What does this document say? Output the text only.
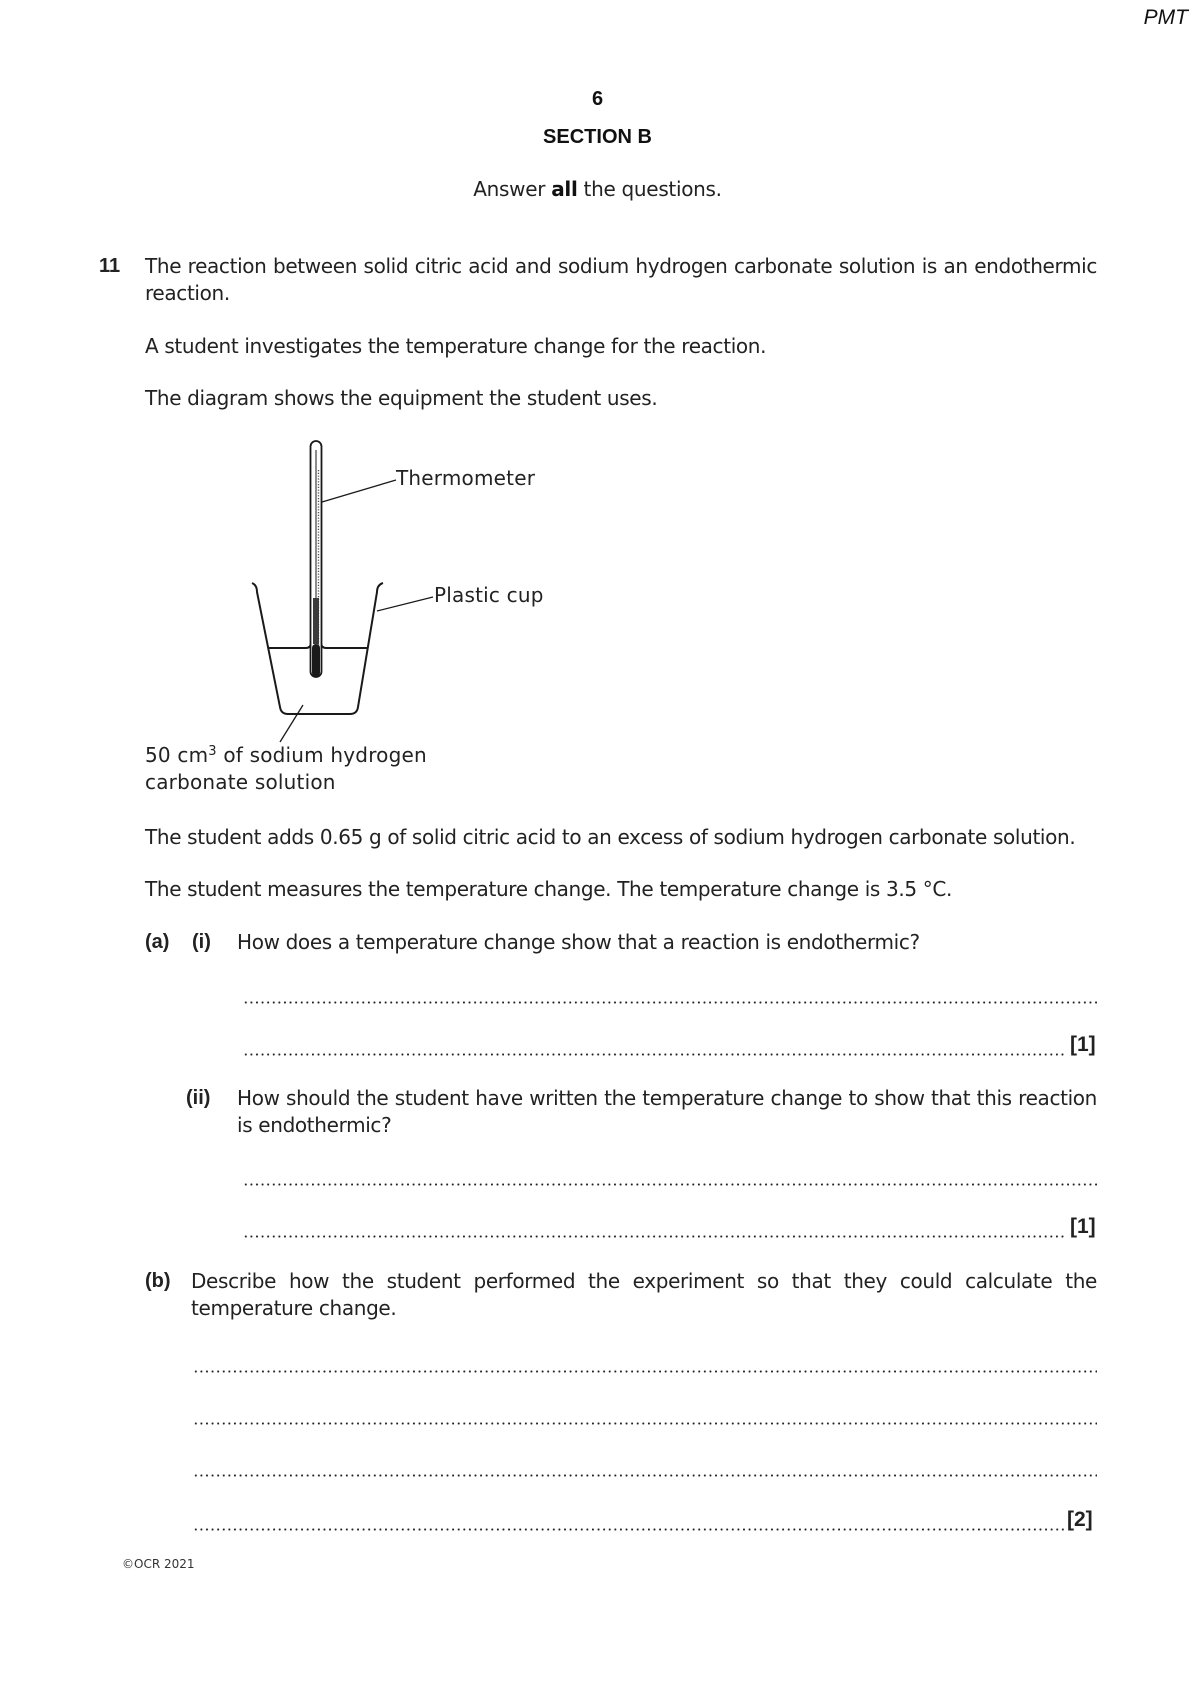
PMT
6
SECTION B
Answer all the questions.
11 The reaction between solid citric acid and sodium hydrogen carbonate solution is an endothermic reaction.
A student investigates the temperature change for the reaction.
The diagram shows the equipment the student uses.
Thermometer
Plastic cup
50 $cm^3$ of sodium hydrogen
carbonate solution
The student adds 0.65 g of solid citric acid to an excess of sodium hydrogen carbonate solution.
The student measures the temperature change. The temperature change is 3.5 °C.
(a) (i) How does a temperature change show that a reaction is endothermic?
[1]
(ii) How should the student have written the temperature change to show that this reaction is endothermic?
[1]
(b) Describe how the student performed the experiment so that they could calculate the temperature change.
[2]
©OCR 2021
